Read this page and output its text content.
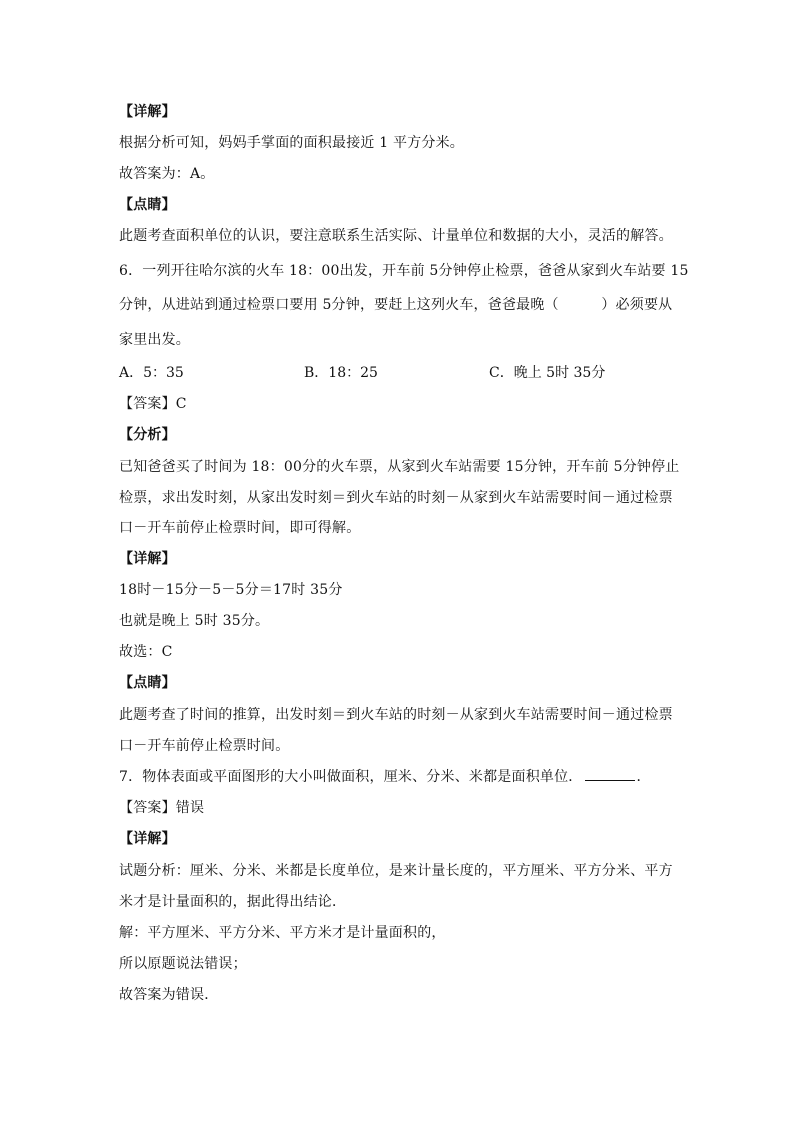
【详解】
根据分析可知，妈妈手掌面的面积最接近 1 平方分米。
故答案为：A。
【点睛】
此题考查面积单位的认识，要注意联系生活实际、计量单位和数据的大小，灵活的解答。
6．一列开往哈尔滨的火车 18：00出发，开车前 5分钟停止检票，爸爸从家到火车站要 15
分钟，从进站到通过检票口要用 5分钟，要赶上这列火车，爸爸最晚（　　　）必须要从
家里出发。
A．5：35	B．18：25	C．晚上 5时 35分
【答案】C
【分析】
已知爸爸买了时间为 18：00分的火车票，从家到火车站需要 15分钟，开车前 5分钟停止
检票，求出发时刻，从家出发时刻＝到火车站的时刻－从家到火车站需要时间－通过检票
口－开车前停止检票时间，即可得解。
【详解】
18时－15分－5－5分＝17时 35分
也就是晚上 5时 35分。
故选：C
【点睛】
此题考查了时间的推算，出发时刻＝到火车站的时刻－从家到火车站需要时间－通过检票
口－开车前停止检票时间。
7．物体表面或平面图形的大小叫做面积，厘米、分米、米都是面积单位．	．
【答案】错误
【详解】
试题分析：厘米、分米、米都是长度单位，是来计量长度的，平方厘米、平方分米、平方
米才是计量面积的，据此得出结论．
解：平方厘米、平方分米、平方米才是计量面积的，
所以原题说法错误；
故答案为错误．
